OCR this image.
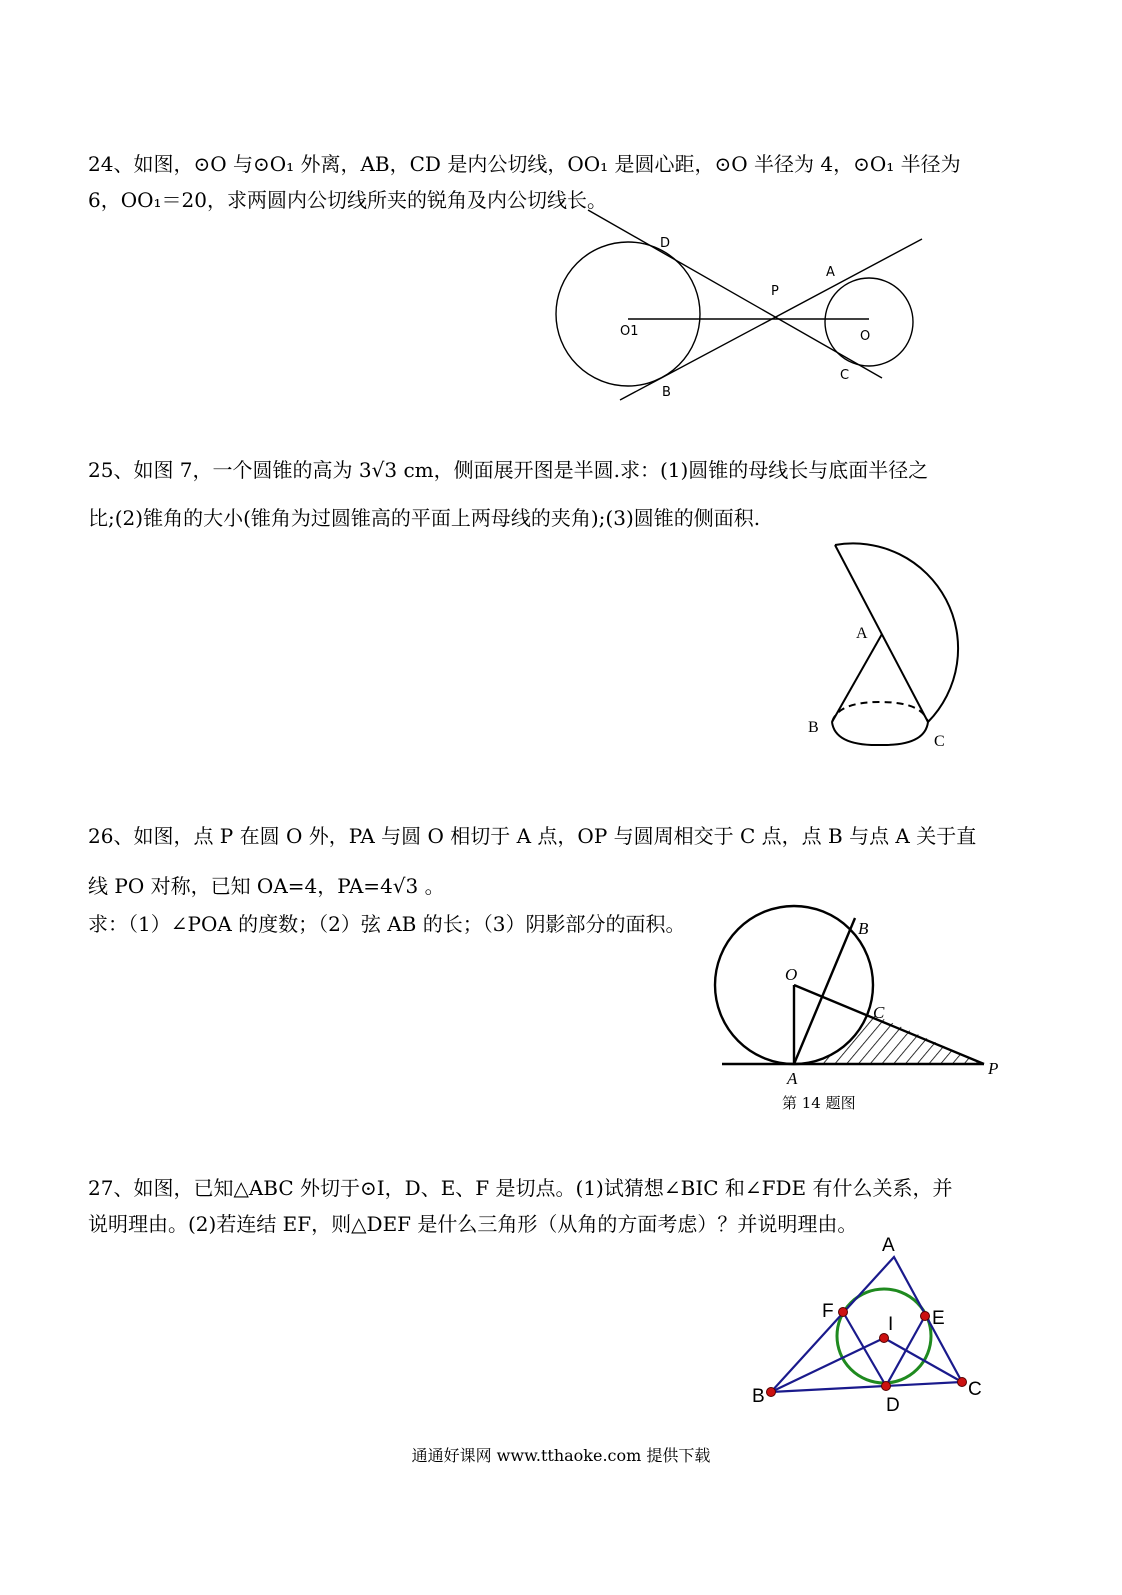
24、如图，⊙O 与⊙O₁ 外离，AB，CD 是内公切线，OO₁ 是圆心距，⊙O 半径为 4，⊙O₁ 半径为
6，OO₁＝20，求两圆内公切线所夹的锐角及内公切线长。
D
A
P
O1	O
B
C
25、如图 7，一个圆锥的高为 3√3 cm，侧面展开图是半圆.求：(1)圆锥的母线长与底面半径之
比;(2)锥角的大小(锥角为过圆锥高的平面上两母线的夹角);(3)圆锥的侧面积.
A
B
C
26、如图，点 P 在圆 O 外，PA 与圆 O 相切于 A 点，OP 与圆周相交于 C 点，点 B 与点 A 关于直
线 PO 对称，已知 OA=4，PA=4√3 。
求：（1）∠POA 的度数；（2）弦 AB 的长；（3）阴影部分的面积。	B
O
C
A
P
第 14 题图
27、如图，已知△ABC 外切于⊙I，D、E、F 是切点。(1)试猜想∠BIC 和∠FDE 有什么关系，并
说明理由。(2)若连结 EF，则△DEF 是什么三角形（从角的方面考虑）？并说明理由。
A
F
I E
B	D
C
通通好课网 www.tthaoke.com 提供下载
